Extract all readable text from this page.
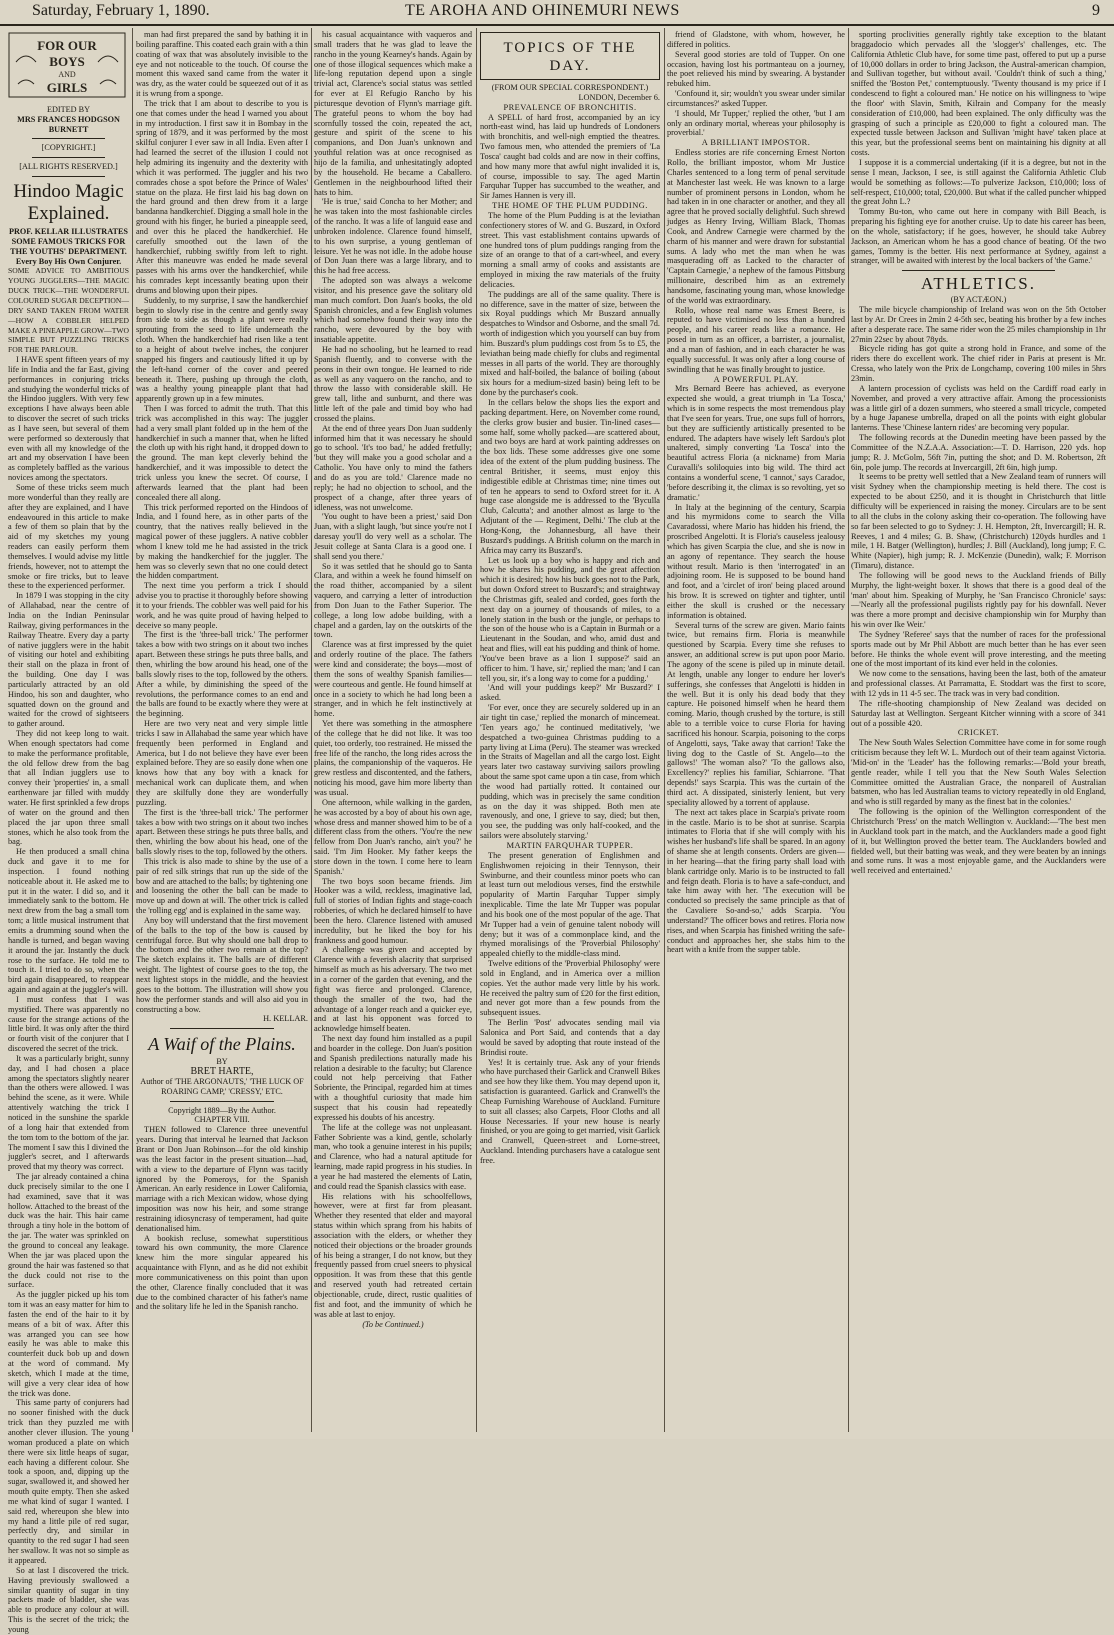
Saturday, February 1, 1890.	TE AROHA AND OHINEMURI NEWS	9
FOR OUR
BOYS
AND
GIRLS

EDITED BY

MRS FRANCES HODGSON BURNETT

[COPYRIGHT.]

[ALL RIGHTS RESERVED.]

Hindoo Magic Explained.

PROF. KELLAR ILLUSTRATES SOME FAMOUS TRICKS FOR THE YOUTHS' DEPARTMENT.

Every Boy His Own Conjurer.

SOME ADVICE TO AMBITIOUS YOUNG JUGGLERS—THE MAGIC DUCK TRICK—THE WONDERFUL COLOURED SUGAR DECEPTION—DRY SAND TAKEN FROM WATER—HOW A COBBLER HELPED MAKE A PINEAPPLE GROW—TWO SIMPLE BUT PUZZLING TRICKS FOR THE PARLOUR.

I HAVE spent fifteen years of my life in India and the far East, giving performances in conjuring tricks and studying the wonderful tricks of the Hindoo jugglers. With very few exceptions I have always been able to discover the secret of such tricks as I have seen, but several of them were performed so dexterously that even with all my knowledge of the art and my observation I have been as completely baffled as the various novices among the spectators.

Some of these tricks seem much more wonderful than they really are after they are explained, and I have endeavoured in this article to make a few of them so plain that by the aid of my sketches my young readers can easily perform them themselves. I would advise my little friends, however, not to attempt the smoke or fire tricks, but to leave these to the experienced performer.

In 1879 I was stopping in the city of Allahabad, near the centre of India on the Indian Peninsular Railway, giving performances in the Railway Theatre. Every day a party of native jugglers were in the habit of visiting our hotel and exhibiting their stall on the plaza in front of the building. One day I was particularly attracted by an old Hindoo, his son and daughter, who squatted down on the ground and waited for the crowd of sightseers to gather around.

They did not keep long to wait. When enough spectators had come to make the performance profitable, the old fellow drew from the bag that all Indian jugglers use to convey their 'properties' in, a small earthenware jar filled with muddy water. He first sprinkled a few drops of water on the ground and then placed the jar upon three small stones, which he also took from the bag.

He then produced a small china duck and gave it to me for inspection. I found nothing noticeable about it. He asked me to put it in the water. I did so, and it immediately sank to the bottom. He next drew from the bag a small tom tom; a little musical instrument that emits a drumming sound when the handle is turned, and began waving it around the jar. Instantly the duck rose to the surface. He told me to touch it. I tried to do so, when the bird again disappeared, to reappear again and again at the juggler's will.

I must confess that I was mystified. There was apparently no cause for the strange actions of the little bird. It was only after the third or fourth visit of the conjurer that I discovered the secret of the trick.

It was a particularly bright, sunny day, and I had chosen a place among the spectators slightly nearer than the others were allowed. I was behind the scene, as it were. While attentively watching the trick I noticed in the sunshine the sparkle of a long hair that extended from the tom tom to the bottom of the jar. The moment I saw this I divined the juggler's secret, and I afterwards proved that my theory was correct.

The jar already contained a china duck precisely similar to the one I had examined, save that it was hollow. Attached to the breast of the duck was the hair. This hair came through a tiny hole in the bottom of the jar. The water was sprinkled on the ground to conceal any leakage. When the jar was placed upon the ground the hair was fastened so that the duck could not rise to the surface.

As the juggler picked up his tom tom it was an easy matter for him to fasten the end of the hair to it by means of a bit of wax. After this was arranged you can see how easily he was able to make this counterfeit duck bob up and down at the word of command. My sketch, which I made at the time, will give a very clear idea of how the trick was done.

This same party of conjurers had no sooner finished with the duck trick than they puzzled me with another clever illusion. The young woman produced a plate on which there were six little heaps of sugar, each having a different colour. She took a spoon, and, dipping up the sugar, swallowed it, and showed her mouth quite empty. Then she asked me what kind of sugar I wanted. I said red, whereupon she blew into my hand a little pile of red sugar, perfectly dry, and similar in quantity to the red sugar I had seen her swallow. It was not so simple as it appeared.

So at last I discovered the trick. Having previously swallowed a similar quantity of sugar in tiny packets made of bladder, she was able to produce any colour at will. This is the secret of the trick; the young

man had first prepared the sand by bathing it in boiling paraffine. This coated each grain with a thin coating of wax that was absolutely invisible to the eye and not noticeable to the touch. Of course the moment this waxed sand came from the water it was dry, as the water could be squeezed out of it as it is wrung from a sponge.

The trick that I am about to describe to you is one that comes under the head I warned you about in my introduction. I first saw it in Bombay in the spring of 1879, and it was performed by the most skilful conjurer I ever saw in all India. Even after I had learned the secret of the illusion I could not help admiring its ingenuity and the dexterity with which it was performed. The juggler and his two comrades chose a spot before the Prince of Wales' statue on the plaza. He first laid his bag down on the hard ground and then drew from it a large bandanna handkerchief. Digging a small hole in the ground with his finger, he buried a pineapple seed, and over this he placed the handkerchief. He carefully smoothed out the lawn of the handkerchief, rubbing swiftly from left to right. After this maneuvre was ended he made several passes with his arms over the handkerchief, while his comrades kept incessantly beating upon their drums and blowing upon their pipes.

Suddenly, to my surprise, I saw the handkerchief begin to slowly rise in the centre and gently sway from side to side as though a plant were really sprouting from the seed to life underneath the cloth. When the handkerchief had risen like a tent to a height of about twelve inches, the conjurer snapped his fingers and cautiously lifted it up by the left-hand corner of the cover and peered beneath it. There, pushing up through the cloth, was a healthy young pineapple plant that had apparently grown up in a few minutes.

Then I was forced to admit the truth. That this trick was accomplished in this way: The juggler had a very small plant folded up in the hem of the handkerchief in such a manner that, when he lifted the cloth up with his right hand, it dropped down to the ground. The man kept cleverly behind the handkerchief, and it was impossible to detect the trick unless you knew the secret. Of course, I afterwards learned that the plant had been concealed there all along.

This trick performed reported on the Hindoos of India, and I found here, as in other parts of the country, that the natives really believed in the magical power of these jugglers. A native cobbler whom I knew told me he had assisted in the trick by making the handkerchief for the juggler. The hem was so cleverly sewn that no one could detect the hidden compartment.

The next time you perform a trick I should advise you to practise it thoroughly before showing it to your friends. The cobbler was well paid for his work, and he was quite proud of having helped to deceive so many people.

The first is the 'three-ball trick.' The performer takes a bow with two strings on it about two inches apart. Between these strings he puts three balls, and then, whirling the bow around his head, one of the balls slowly rises to the top, followed by the others. After a while, by diminishing the speed of the revolutions, the performance comes to an end and the balls are found to be exactly where they were at the beginning.

Here are two very neat and very simple little tricks I saw in Allahabad the same year which have frequently been performed in England and America, but I do not believe they have ever been explained before. They are so easily done when one knows how that any boy with a knack for mechanical work can duplicate them, and when they are skilfully done they are wonderfully puzzling.

The first is the 'three-ball trick.' The performer takes a bow with two strings on it about two inches apart. Between these strings he puts three balls, and then, whirling the bow about his head, one of the balls slowly rises to the top, followed by the others.

This trick is also made to shine by the use of a pair of red silk strings that run up the side of the bow and are attached to the balls; by tightening one and loosening the other the ball can be made to move up and down at will. The other trick is called the 'rolling egg' and is explained in the same way.

Any boy will understand that the first movement of the balls to the top of the bow is caused by centrifugal force. But why should one ball drop to the bottom and the other two remain at the top? The sketch explains it. The balls are of different weight. The lightest of course goes to the top, the next lightest stops in the middle, and the heaviest goes to the bottom. The illustration will show you how the performer stands and will also aid you in constructing a bow.

H. KELLAR.

A Waif of the Plains.

BY

BRET HARTE,

Author of 'THE ARGONAUTS,' 'THE LUCK OF ROARING CAMP,' 'CRESSY,' ETC.

Copyright 1889—By the Author.

CHAPTER VIII.

THEN followed to Clarence three uneventful years. During that interval he learned that Jackson Brant or Don Juan Robinson—for the old kinship was the least factor in the present situation—had, with a view to the departure of Flynn was tacitly ignored by the Pomeroys, for the Spanish American. An early residence in Lower California, marriage with a rich Mexican widow, whose dying imposition was now his heir, and some strange restraining idiosyncrasy of temperament, had quite denationalised him.

A bookish recluse, somewhat superstitious toward his own community, the more Clarence knew him the more singular appeared his acquaintance with Flynn, and as he did not exhibit more communicativeness on this point than upon the other, Clarence finally concluded that it was due to the combined character of his father's name and the solitary life he led in the Spanish rancho.

his casual acquaintance with vaqueros and small traders that he was glad to leave the rancho in the young Kearney's hands. Again by one of those illogical sequences which make a life-long reputation depend upon a single trivial act, Clarence's social status was settled for ever at El Refugio Rancho by his picturesque devotion of Flynn's marriage gift. The grateful peons to whom the boy had scornfully tossed the coin, repeated the act, gesture and spirit of the scene to his companions, and Don Juan's unknown and youthful relation was at once recognised as hijo de la familia, and unhesitatingly adopted by the household. He became a Caballero. Gentlemen in the neighbourhood lifted their hats to him.

'He is true,' said Concha to her Mother; and he was taken into the most fashionable circles of the rancho. It was a life of languid ease and unbroken indolence. Clarence found himself, to his own surprise, a young gentleman of leisure. Yet he was not idle. In the adobe house of Don Juan there was a large library, and to this he had free access.

The adopted son was always a welcome visitor, and his presence gave the solitary old man much comfort. Don Juan's books, the old Spanish chronicles, and a few English volumes which had somehow found their way into the rancho, were devoured by the boy with insatiable appetite.

He had no schooling, but he learned to read Spanish fluently, and to converse with the peons in their own tongue. He learned to ride as well as any vaquero on the rancho, and to throw the lasso with considerable skill. He grew tall, lithe and sunburnt, and there was little left of the pale and timid boy who had crossed the plains.

At the end of three years Don Juan suddenly informed him that it was necessary he should go to school. 'It's too bad,' he added fretfully; 'but they will make you a good scholar and a Catholic. You have only to mind the fathers and do as you are told.' Clarence made no reply; he had no objection to school, and the prospect of a change, after three years of idleness, was not unwelcome.

'You ought to have been a priest,' said Don Juan, with a slight laugh, 'but since you're not I daresay you'll do very well as a scholar. The Jesuit college at Santa Clara is a good one. I shall send you there.'

So it was settled that he should go to Santa Clara, and within a week he found himself on the road thither, accompanied by a silent vaquero, and carrying a letter of introduction from Don Juan to the Father Superior. The college, a long low adobe building, with a chapel and a garden, lay on the outskirts of the town.

Clarence was at first impressed by the quiet and orderly routine of the place. The fathers were kind and considerate; the boys—most of them the sons of wealthy Spanish families—were courteous and gentle. He found himself at once in a society to which he had long been a stranger, and in which he felt instinctively at home.

Yet there was something in the atmosphere of the college that he did not like. It was too quiet, too orderly, too restrained. He missed the free life of the rancho, the long rides across the plains, the companionship of the vaqueros. He grew restless and discontented, and the fathers, noticing his mood, gave him more liberty than was usual.

One afternoon, while walking in the garden, he was accosted by a boy of about his own age, whose dress and manner showed him to be of a different class from the others. 'You're the new fellow from Don Juan's rancho, ain't you?' he said. 'I'm Jim Hooker. My father keeps the store down in the town. I come here to learn Spanish.'

The two boys soon became friends. Jim Hooker was a wild, reckless, imaginative lad, full of stories of Indian fights and stage-coach robberies, of which he declared himself to have been the hero. Clarence listened with amused incredulity, but he liked the boy for his frankness and good humour.

A challenge was given and accepted by Clarence with a feverish alacrity that surprised himself as much as his adversary. The two met in a corner of the garden that evening, and the fight was fierce and prolonged. Clarence, though the smaller of the two, had the advantage of a longer reach and a quicker eye, and at last his opponent was forced to acknowledge himself beaten.

The next day found him installed as a pupil and boarder in the college. Don Juan's position and Spanish predilections naturally made his relation a desirable to the faculty; but Clarence could not help perceiving that Father Sobriente, the Principal, regarded him at times with a thoughtful curiosity that made him suspect that his cousin had repeatedly expressed his doubts of his ancestry.

The life at the college was not unpleasant. Father Sobriente was a kind, gentle, scholarly man, who took a genuine interest in his pupils; and Clarence, who had a natural aptitude for learning, made rapid progress in his studies. In a year he had mastered the elements of Latin, and could read the Spanish classics with ease.

His relations with his schoolfellows, however, were at first far from pleasant. Whether they resented that elder and mayoral status within which sprang from his habits of association with the elders, or whether they noticed their objections or the broader grounds of his being a stranger, I do not know, but they frequently passed from cruel sneers to physical opposition. It was from these that this gentle and reserved youth had retreated certain objectionable, crude, direct, rustic qualities of fist and foot, and the immunity of which he was able at last to enjoy.

(To be Continued.)

TOPICS OF THE DAY.

(FROM OUR SPECIAL CORRESPONDENT.)

LONDON, December 6.

PREVALENCE OF BRONCHITIS.

A SPELL of hard frost, accompanied by an icy north-east wind, has laid up hundreds of Londoners with bronchitis, and well-nigh emptied the theatres. Two famous men, who attended the premiers of 'La Tosca' caught bad colds and are now in their coffins, and how many more that awful night invalided it is, of course, impossible to say. The aged Martin Farquhar Tupper has succumbed to the weather, and Sir James Hannen is very ill.

THE HOME OF THE PLUM PUDDING.

The home of the Plum Pudding is at the leviathan confectionery stores of W. and G. Buszard, in Oxford street. This vast establishment contains upwards of one hundred tons of plum puddings ranging from the size of an orange to that of a cart-wheel, and every morning a small army of cooks and assistants are employed in mixing the raw materials of the fruity delicacies.

The puddings are all of the same quality. There is no difference, save in the matter of size, between the six Royal puddings which Mr Buszard annually despatches to Windsor and Osborne, and the small 7d. worth of indigestion which you yourself can buy from him. Buszard's plum puddings cost from 5s to £5, the leviathan being made chiefly for clubs and regimental messes in all parts of the world. They are thoroughly mixed and half-boiled, the balance of boiling (about six hours for a medium-sized basin) being left to be done by the purchaser's cook.

In the cellars below the shops lies the export and packing department. Here, on November come round, the clerks grow busier and busier. Tin-lined cases—some half, some wholly packed—are scattered about, and two boys are hard at work painting addresses on the box lids. These some addresses give one some idea of the extent of the plum pudding business. The central Britisher, it seems, must enjoy this indigestible edible at Christmas time; nine times out of ten he appears to send to Oxford street for it. A huge case alongside me is addressed to the 'Byculla Club, Calcutta'; and another almost as large to 'the Adjutant of the — Regiment, Delhi.' The club at the Hong-Kong, the Johannesburg, all have their Buszard's puddings. A British column on the march in Africa may carry its Buszard's.

Let us look up a boy who is happy and rich and how he shares his pudding, and the great affection which it is desired; how his buck goes not to the Park, but down Oxford street to Buszard's; and straightway the Christmas gift, sealed and corded, goes forth the next day on a journey of thousands of miles, to a lonely station in the bush or the jungle, or perhaps to the son of the house who is a Captain in Burmah or a Lieutenant in the Soudan, and who, amid dust and heat and flies, will eat his pudding and think of home. 'You've been brave as a lion I suppose?' said an officer to him. 'I have, sir,' replied the man; 'and I can tell you, sir, it's a long way to come for a pudding.'

'And will your puddings keep?' Mr Buszard?' I asked.

'For ever, once they are securely soldered up in an air tight tin case,' replied the monarch of mincemeat. 'Ten years ago,' he continued meditatively, 'we despatched a two-guinea Christmas pudding to a party living at Lima (Peru). The steamer was wrecked in the Straits of Magellan and all the cargo lost. Eight years later two castaway surviving sailors prowling about the same spot came upon a tin case, from which the wood had partially rotted. It contained our pudding, which was in precisely the same condition as on the day it was shipped. Both men ate ravenously, and one, I grieve to say, died; but then, you see, the pudding was only half-cooked, and the sailors were absolutely starving.'

MARTIN FARQUHAR TUPPER.

The present generation of Englishmen and Englishwomen rejoicing in their Tennyson, their Swinburne, and their countless minor poets who can at least turn out melodious verses, find the erstwhile popularity of Martin Farquhar Tupper simply inexplicable. Time the late Mr Tupper was popular and his book one of the most popular of the age. That Mr Tupper had a vein of genuine talent nobody will deny; but it was of a commonplace kind, and the rhymed moralisings of the 'Proverbial Philosophy' appealed chiefly to the middle-class mind.

Twelve editions of the 'Proverbial Philosophy' were sold in England, and in America over a million copies. Yet the author made very little by his work. He received the paltry sum of £20 for the first edition, and never got more than a few pounds from the subsequent issues.

The Berlin 'Post' advocates sending mail via Salonica and Port Said, and contends that a day would be saved by adopting that route instead of the Brindisi route.

Yes! It is certainly true. Ask any of your friends who have purchased their Garlick and Cranwell Bikes and see how they like them. You may depend upon it, satisfaction is guaranteed. Garlick and Cranwell's the Cheap Furnishing Warehouse of Auckland. Furniture to suit all classes; also Carpets, Floor Cloths and all House Necessaries. If your new house is nearly finished, or you are going to get married, visit Garlick and Cranwell, Queen-street and Lorne-street, Auckland. Intending purchasers have a catalogue sent free.

friend of Gladstone, with whom, however, he differed in politics.

Several good stories are told of Tupper. On one occasion, having lost his portmanteau on a journey, the poet relieved his mind by swearing. A bystander rebuked him.

'Confound it, sir; wouldn't you swear under similar circumstances?' asked Tupper.

'I should, Mr Tupper,' replied the other, 'but I am only an ordinary mortal, whereas your philosophy is proverbial.'

A BRILLIANT IMPOSTOR.

Endless stories are rife concerning Ernest Norton Rollo, the brilliant impostor, whom Mr Justice Charles sentenced to a long term of penal servitude at Manchester last week. He was known to a large number of prominent persons in London, whom he had taken in in one character or another, and they all agree that he proved socially delightful. Such shrewd judges as Henry Irving, William Black, Thomas Cook, and Andrew Carnegie were charmed by the charm of his manner and were drawn for substantial sums. A lady who met the man when he was masquerading off as Lacked to the character of 'Captain Carnegie,' a nephew of the famous Pittsburg millionaire, described him as an extremely handsome, fascinating young man, whose knowledge of the world was extraordinary.

Rollo, whose real name was Ernest Beere, is reputed to have victimised no less than a hundred people, and his career reads like a romance. He posed in turn as an officer, a barrister, a journalist, and a man of fashion, and in each character he was equally successful. It was only after a long course of swindling that he was finally brought to justice.

A POWERFUL PLAY.

Mrs Bernard Beere has achieved, as everyone expected she would, a great triumph in 'La Tosca,' which is in some respects the most tremendous play that I've seen for years. True, one sups full of horrors, but they are sufficiently artistically presented to be endured. The adapters have wisely left Sardou's plot unaltered, simply converting 'La Tosca' into the beautiful actress Floria (a nickname) from Maria Curavalli's soliloquies into big wild. The third act contains a wonderful scene, 'I cannot,' says Caradoc, 'before describing it, the climax is so revolting, yet so dramatic.'

In Italy at the beginning of the century, Scarpia and his myrmidons come to search the Villa Cavaradossi, where Mario has hidden his friend, the proscribed Angelotti. It is Floria's causeless jealousy which has given Scarpia the clue, and she is now in an agony of repentance. They search the house without result. Mario is then 'interrogated' in an adjoining room. He is supposed to be bound hand and foot, and a 'circlet of iron' being placed around his brow. It is screwed on tighter and tighter, until either the skull is crushed or the necessary information is obtained.

Several turns of the screw are given. Mario faints twice, but remains firm. Floria is meanwhile questioned by Scarpia. Every time she refuses to answer, an additional screw is put upon poor Mario. The agony of the scene is piled up in minute detail. At length, unable any longer to endure her lover's sufferings, she confesses that Angelotti is hidden in the well. But it is only his dead body that they capture. He poisoned himself when he heard them coming. Mario, though crushed by the torture, is still able to a terrible voice to curse Floria for having sacrificed his honour. Scarpia, poisoning to the corps of Angelotti, says, 'Take away that carrion! Take the living dog to the Castle of St. Angelo—to the gallows!' 'The woman also?' 'To the gallows also, Excellency?' replies his familiar, Schiarrone. 'That depends!' says Scarpia. This was the curtain of the third act. A dissipated, sinisterly lenient, but very speciality allowed by a torrent of applause.

The next act takes place in Scarpia's private room in the castle. Mario is to be shot at sunrise. Scarpia intimates to Floria that if she will comply with his wishes her husband's life shall be spared. In an agony of shame she at length consents. Orders are given—in her hearing—that the firing party shall load with blank cartridge only. Mario is to be instructed to fall and feign death. Floria is to have a safe-conduct, and take him away with her. 'The execution will be conducted so precisely the same principle as that of the Cavaliere So-and-so,' adds Scarpia. 'You understand?' The officer bows and retires. Floria now rises, and when Scarpia has finished writing the safe-conduct and approaches her, she stabs him to the heart with a knife from the supper table.

sporting proclivities generally rightly take exception to the blatant braggadocio which pervades all the 'slogger's' challenges, etc. The California Athletic Club have, for some time past, offered to put up a purse of 10,000 dollars in order to bring Jackson, the Austral-american champion, and Sullivan together, but without avail. 'Couldn't think of such a thing,' sniffed the 'Boston Pet,' contemptuously. 'Twenty thousand is my price if I condescend to fight a coloured man.' He notice on his willingness to 'wipe the floor' with Slavin, Smith, Kilrain and Company for the measly consideration of £10,000, had been explained. The only difficulty was the grasping of such a principle as £20,000 to fight a coloured man. The expected tussle between Jackson and Sullivan 'might have' taken place at this year, but the professional seems bent on maintaining his dignity at all costs.

I suppose it is a commercial undertaking (if it is a degree, but not in the sense I mean, Jackson, I see, is still against the California Athletic Club would be something as follows:—To pulverize Jackson, £10,000; loss of self-respect, £10,000; total, £20,000. But what if the called puncher whipped the great John L.?

Tommy Bu-ton, who came out here in company with Bill Beach, is preparing his fighting eye for another cruise. Up to date his career has been, on the whole, satisfactory; if he goes, however, he should take Aubrey Jackson, an American whom he has a good chance of beating. Of the two games, Tommy is the better. His next performance at Sydney, against a stranger, will be awaited with interest by the local backers of 'the Game.'

ATHLETICS.

(BY ACTÆON.)

The mile bicycle championship of Ireland was won on the 5th October last by Ar. Dr Crees in 2min 2 4-5th sec, beating his brother by a few inches after a desperate race. The same rider won the 25 miles championship in 1hr 27min 22sec by about 78yds.

Bicycle riding has got quite a strong hold in France, and some of the riders there do excellent work. The chief rider in Paris at present is Mr. Cressa, who lately won the Prix de Longchamp, covering 100 miles in 5hrs 23min.

A lantern procession of cyclists was held on the Cardiff road early in November, and proved a very attractive affair. Among the processionists was a little girl of a dozen summers, who steered a small tricycle, competed by a huge Japanese umbrella, draped on all the points with eight globular lanterns. These 'Chinese lantern rides' are becoming very popular.

The following records at the Dunedin meeting have been passed by the Committee of the N.Z.A.A. Association:—T. D. Harrison, 220 yds. hop jump; R. J. McGolm, 56ft 7in, putting the shot; and D. M. Robertson, 2ft 6in, pole jump. The records at Invercargill, 2ft 6in, high jump.

It seems to be pretty well settled that a New Zealand team of runners will visit Sydney when the championship meeting is held there. The cost is expected to be about £250, and it is thought in Christchurch that little difficulty will be experienced in raising the money. Circulars are to be sent to all the clubs in the colony asking their co-operation. The following have so far been selected to go to Sydney: J. H. Hempton, 2ft, Invercargill; H. R. Reeves, 1 and 4 miles; G. B. Shaw, (Christchurch) 120yds hurdles and 1 mile, 1 H. Batger (Wellington), hurdles; J. Bill (Auckland), long jump; F. C. White (Napier), high jump; R. J. McKenzie (Dunedin), walk; F. Morrison (Timaru), distance.

The following will be good news to the Auckland friends of Billy Murphy, the light-weight boxer. It shows that there is a good deal of the 'man' about him. Speaking of Murphy, he 'San Francisco Chronicle' says:—'Nearly all the professional pugilists rightly pay for his downfall. Never was there a more prompt and decisive championship win for Murphy than his win over Ike Weir.'

The Sydney 'Referee' says that the number of races for the professional sports made out by Mr Phil Abbott are much better than he has ever seen before. He thinks the whole event will prove interesting, and the meeting one of the most important of its kind ever held in the colonies.

We now come to the sensations, having been the last, both of the amateur and professional classes. At Parramatta, E. Stoddart was the first to score, with 12 yds in 11 4-5 sec. The track was in very bad condition.

The rifle-shooting championship of New Zealand was decided on Saturday last at Wellington. Sergeant Kitcher winning with a score of 341 out of a possible 420.

CRICKET.

The New South Wales Selection Committee have come in for some rough criticism because they left W. L. Murdoch out of their team against Victoria. 'Mid-on' in the 'Leader' has the following remarks:—'Bold your breath, gentle reader, while I tell you that the New South Wales Selection Committee omitted the Australian Grace, the nonpareil of Australian batsmen, who has led Australian teams to victory repeatedly in old England, and who is still regarded by many as the finest bat in the colonies.'

The following is the opinion of the Wellington correspondent of the Christchurch 'Press' on the match Wellington v. Auckland:—'The best men in Auckland took part in the match, and the Aucklanders made a good fight of it, but Wellington proved the better team. The Aucklanders bowled and fielded well, but their batting was weak, and they were beaten by an innings and some runs. It was a most enjoyable game, and the Aucklanders were well received and entertained.'
